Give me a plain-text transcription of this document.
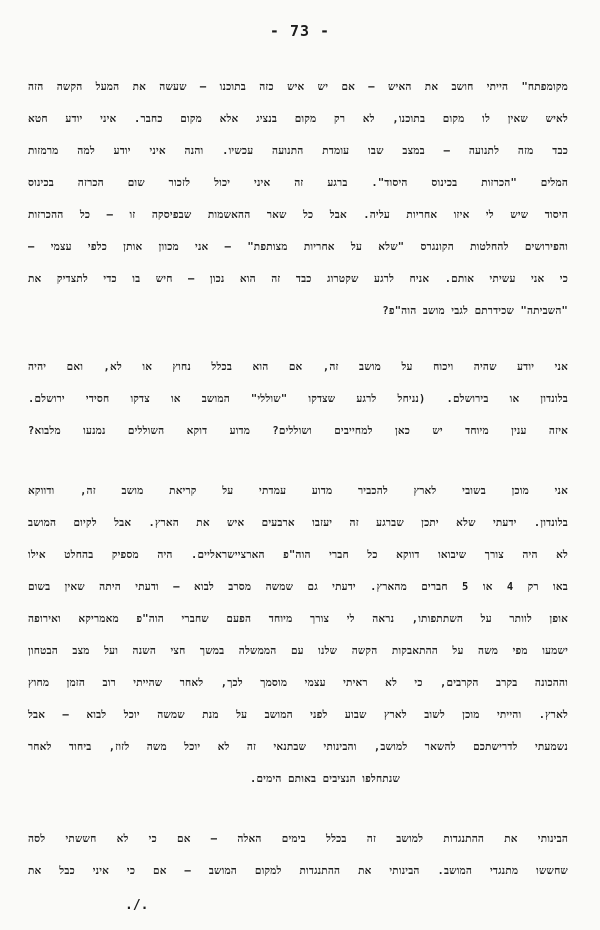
- 73 -
מקומפתח" הייתי חושב את האיש – אם יש איש כזה בתוכנו – שעשה את המעל הקשה הזה
לאיש שאין לו מקום בתוכנו, לא רק מקום בנציג אלא מקום כחבר. איני יודע חטא
כבד מזה לתנועה – במצב שבו עומדת התנועה עכשיו. והנה איני יודע למה מרמזות
המלים "הכרזות בכינוס היסוד". ברגע זה איני יכול לזכור שום הכרזה בכינוס
היסוד שיש לי איזו אחריות עליה. אבל כל שאר ההאשמות שבפיסקה זו – כל ההכרזות
והפירושים להחלטות הקונגרס "שלא על אחריות מצותפת" – אני מכוון אותן כלפי עצמי –
כי אני עשיתי אותם. אניח לרגע שקטרוג כבד זה הוא נכון – חיש בו כדי לתצדיק את
"השביתה" שכידרתם לגבי מושב הוה"פ?
אני יודע שהיה ויכוח על מושב זה, אם הוא בכלל נחוץ או לא, ואם יהיה
בלונדון או בירושלם. (נניחל לרגע שצדקו "שוללי" המושב או צדקו חסידי ירושלם.
איזה ענין מיוחד יש כאן למחייבים ושוללים? מדוע דוקא השוללים נמנעו מלבוא?
אני מוכן בשובי לארץ להכביר מדוע עמדתי על קריאת מושב זה, ודווקא
בלונדון. ידעתי שלא יתכן שברגע זה יעזבו ארבעים איש את הארץ. אבל לקיום המושב
לא היה צורך שיבואו דווקא כל חברי הוה"פ הארציישראליים. היה מספיק בהחלט אילו
באו רק 4 או 5 חברים מהארץ. ידעתי גם שמשה מסרב לבוא – ודעתי היתה שאין בשום
אופן לוותר על השתתפותו, נראה לי צורך מיוחד הפעם שחברי הוה"פ מאמריקא ואירופה
ישמעו מפי משה על ההתאבקות הקשה שלנו עם הממשלה במשך חצי השנה ועל מצב הבטחון
וההכונה בקרב הקרבים, כי לא ראיתי עצמי מוסמך לכך, לאחר שהייתי רוב הזמן מחוץ
לארץ. והייתי מוכן לשוב לארץ שבוע לפני המושב על מנת שמשה יוכל לבוא – אבל
נשמעתי לדרישתכם להשאר למושב, והבינותי שבתנאי זה לא יוכל משה לזוז, ביחוד לאחר
שנתחלפו הנציבים באותם הימים.
הבינותי את ההתנגדות למושב זה בכלל בימים האלה – אם כי לא חששתי לסה
שחששו מתנגדי המושב. הבינותי את ההתנגדות למקום המושב – אם כי איני כבל את
./.
